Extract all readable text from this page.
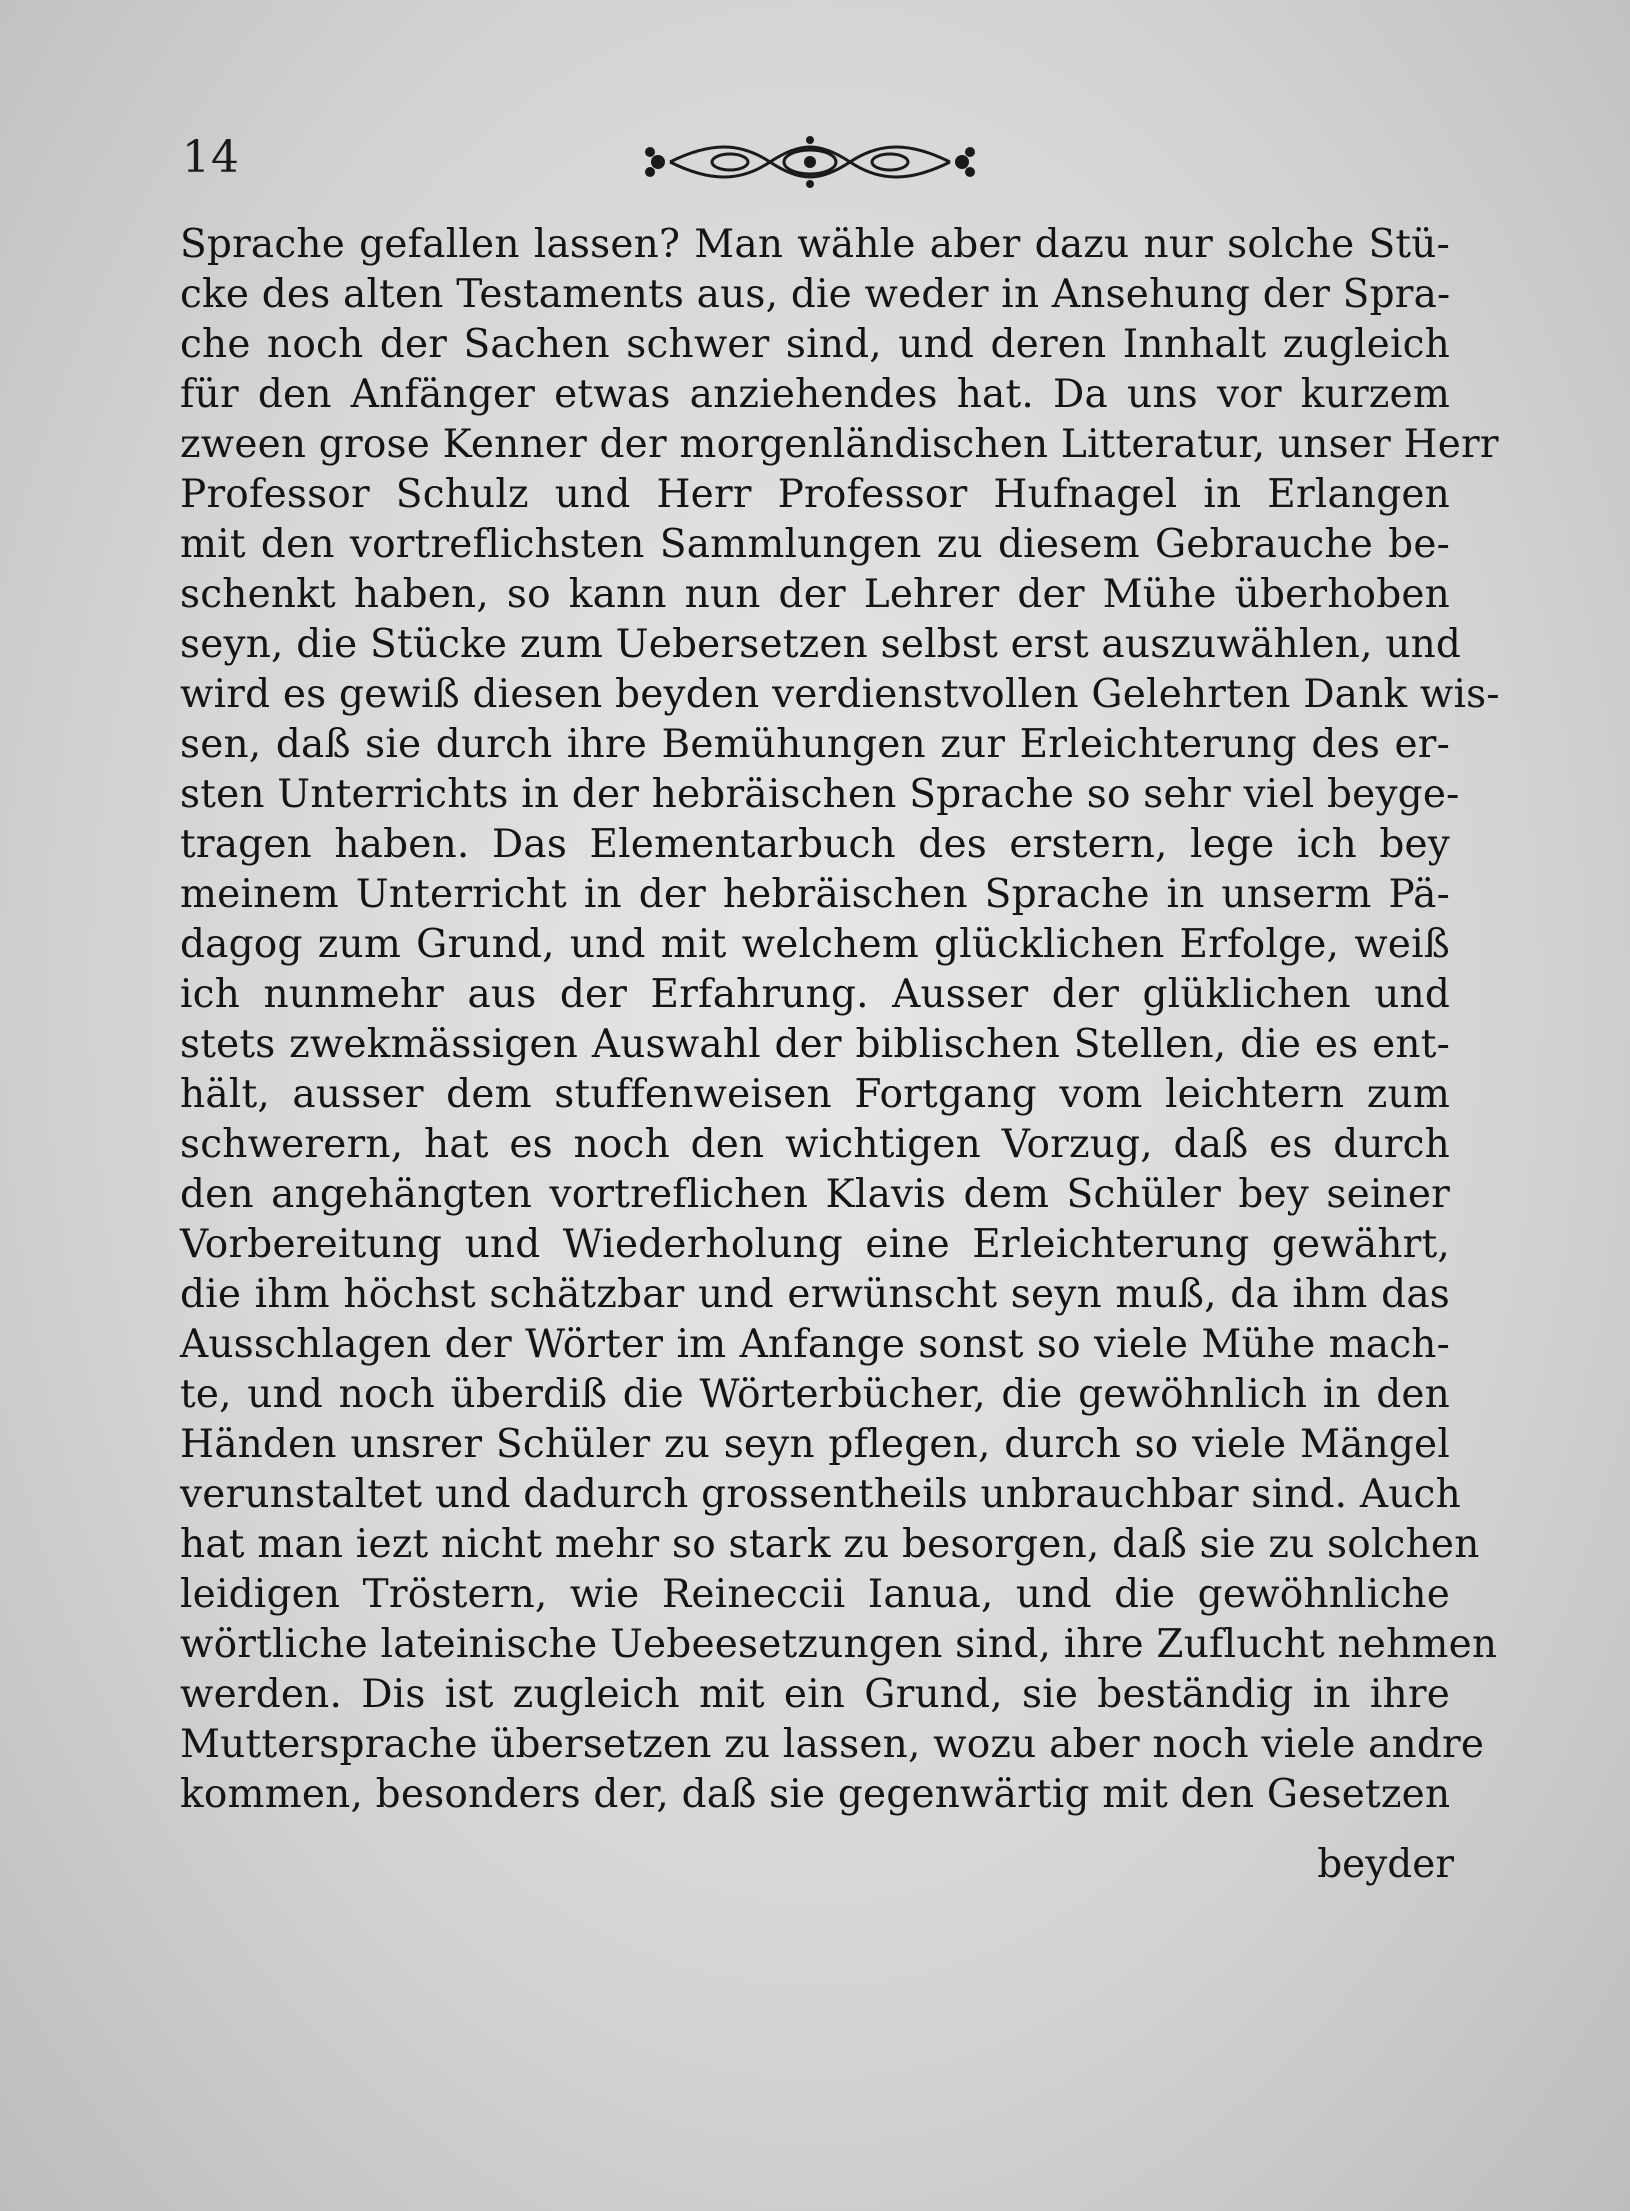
14
Sprache gefallen lassen? Man wähle aber dazu nur solche Stü-
cke des alten Testaments aus, die weder in Ansehung der Spra-
che noch der Sachen schwer sind, und deren Innhalt zugleich
für den Anfänger etwas anziehendes hat. Da uns vor kurzem
zween grose Kenner der morgenländischen Litteratur, unser Herr
Professor Schulz und Herr Professor Hufnagel in Erlangen
mit den vortreflichsten Sammlungen zu diesem Gebrauche be-
schenkt haben, so kann nun der Lehrer der Mühe überhoben
seyn, die Stücke zum Uebersetzen selbst erst auszuwählen, und
wird es gewiß diesen beyden verdienstvollen Gelehrten Dank wis-
sen, daß sie durch ihre Bemühungen zur Erleichterung des er-
sten Unterrichts in der hebräischen Sprache so sehr viel beyge-
tragen haben. Das Elementarbuch des erstern, lege ich bey
meinem Unterricht in der hebräischen Sprache in unserm Pä-
dagog zum Grund, und mit welchem glücklichen Erfolge, weiß
ich nunmehr aus der Erfahrung. Ausser der glüklichen und
stets zwekmässigen Auswahl der biblischen Stellen, die es ent-
hält, ausser dem stuffenweisen Fortgang vom leichtern zum
schwerern, hat es noch den wichtigen Vorzug, daß es durch
den angehängten vortreflichen Klavis dem Schüler bey seiner
Vorbereitung und Wiederholung eine Erleichterung gewährt,
die ihm höchst schätzbar und erwünscht seyn muß, da ihm das
Ausschlagen der Wörter im Anfange sonst so viele Mühe mach-
te, und noch überdiß die Wörterbücher, die gewöhnlich in den
Händen unsrer Schüler zu seyn pflegen, durch so viele Mängel
verunstaltet und dadurch grossentheils unbrauchbar sind. Auch
hat man iezt nicht mehr so stark zu besorgen, daß sie zu solchen
leidigen Tröstern, wie Reineccii Ianua, und die gewöhnliche
wörtliche lateinische Uebeesetzungen sind, ihre Zuflucht nehmen
werden. Dis ist zugleich mit ein Grund, sie beständig in ihre
Muttersprache übersetzen zu lassen, wozu aber noch viele andre
kommen, besonders der, daß sie gegenwärtig mit den Gesetzen
beyder
